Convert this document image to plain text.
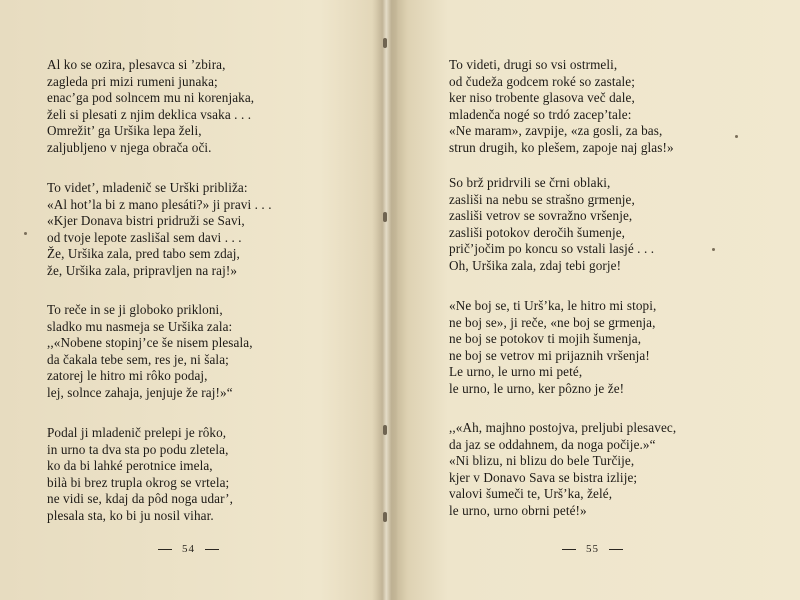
Al ko se ozira, plesavca si ’zbira,
zagleda pri mizi rumeni junaka;
enac’ga pod solncem mu ni korenjaka,
želi si plesati z njim deklica vsaka . . .
Omrežit’ ga Uršika lepa želi,
zaljubljeno v njega obrača oči.
To videt’, mladenič se Urški približa:
«Al hot’la bi z mano plesáti?» ji pravi . . .
«Kjer Donava bistri pridruži se Savi,
od tvoje lepote zaslišal sem davi . . .
Že, Uršika zala, pred tabo sem zdaj,
že, Uršika zala, pripravljen na raj!»
To reče in se ji globoko prikloni,
sladko mu nasmeja se Uršika zala:
,,«Nobene stopinj’ce še nisem plesala,
da čakala tebe sem, res je, ni šala;
zatorej le hitro mi rôko podaj,
lej, solnce zahaja, jenjuje že raj!»“
Podal ji mladenič prelepi je rôko,
in urno ta dva sta po podu zletela,
ko da bi lahké perotnice imela,
bilà bi brez trupla okrog se vrtela;
ne vidi se, kdaj da pôd noga udar’,
plesala sta, ko bi ju nosil vihar.
54
To videti, drugi so vsi ostrmeli,
od čudeža godcem roké so zastale;
ker niso trobente glasova več dale,
mladenča nogé so trdó zacep’tale:
«Ne maram», zavpije, «za gosli, za bas,
strun drugih, ko plešem, zapoje naj glas!»
So brž pridrvili se črni oblaki,
zasliši na nebu se strašno grmenje,
zasliši vetrov se sovražno vršenje,
zasliši potokov deročih šumenje,
prič’jočim po koncu so vstali lasjé . . .
Oh, Uršika zala, zdaj tebi gorje!
«Ne boj se, ti Urš’ka, le hitro mi stopi,
ne boj se», ji reče, «ne boj se grmenja,
ne boj se potokov ti mojih šumenja,
ne boj se vetrov mi prijaznih vršenja!
Le urno, le urno mi peté,
le urno, le urno, ker pôzno je že!
,,«Ah, majhno postojva, preljubi plesavec,
da jaz se oddahnem, da noga počije.»“
«Ni blizu, ni blizu do bele Turčije,
kjer v Donavo Sava se bistra izlije;
valovi šumeči te, Urš’ka, želé,
le urno, urno obrni peté!»
55
